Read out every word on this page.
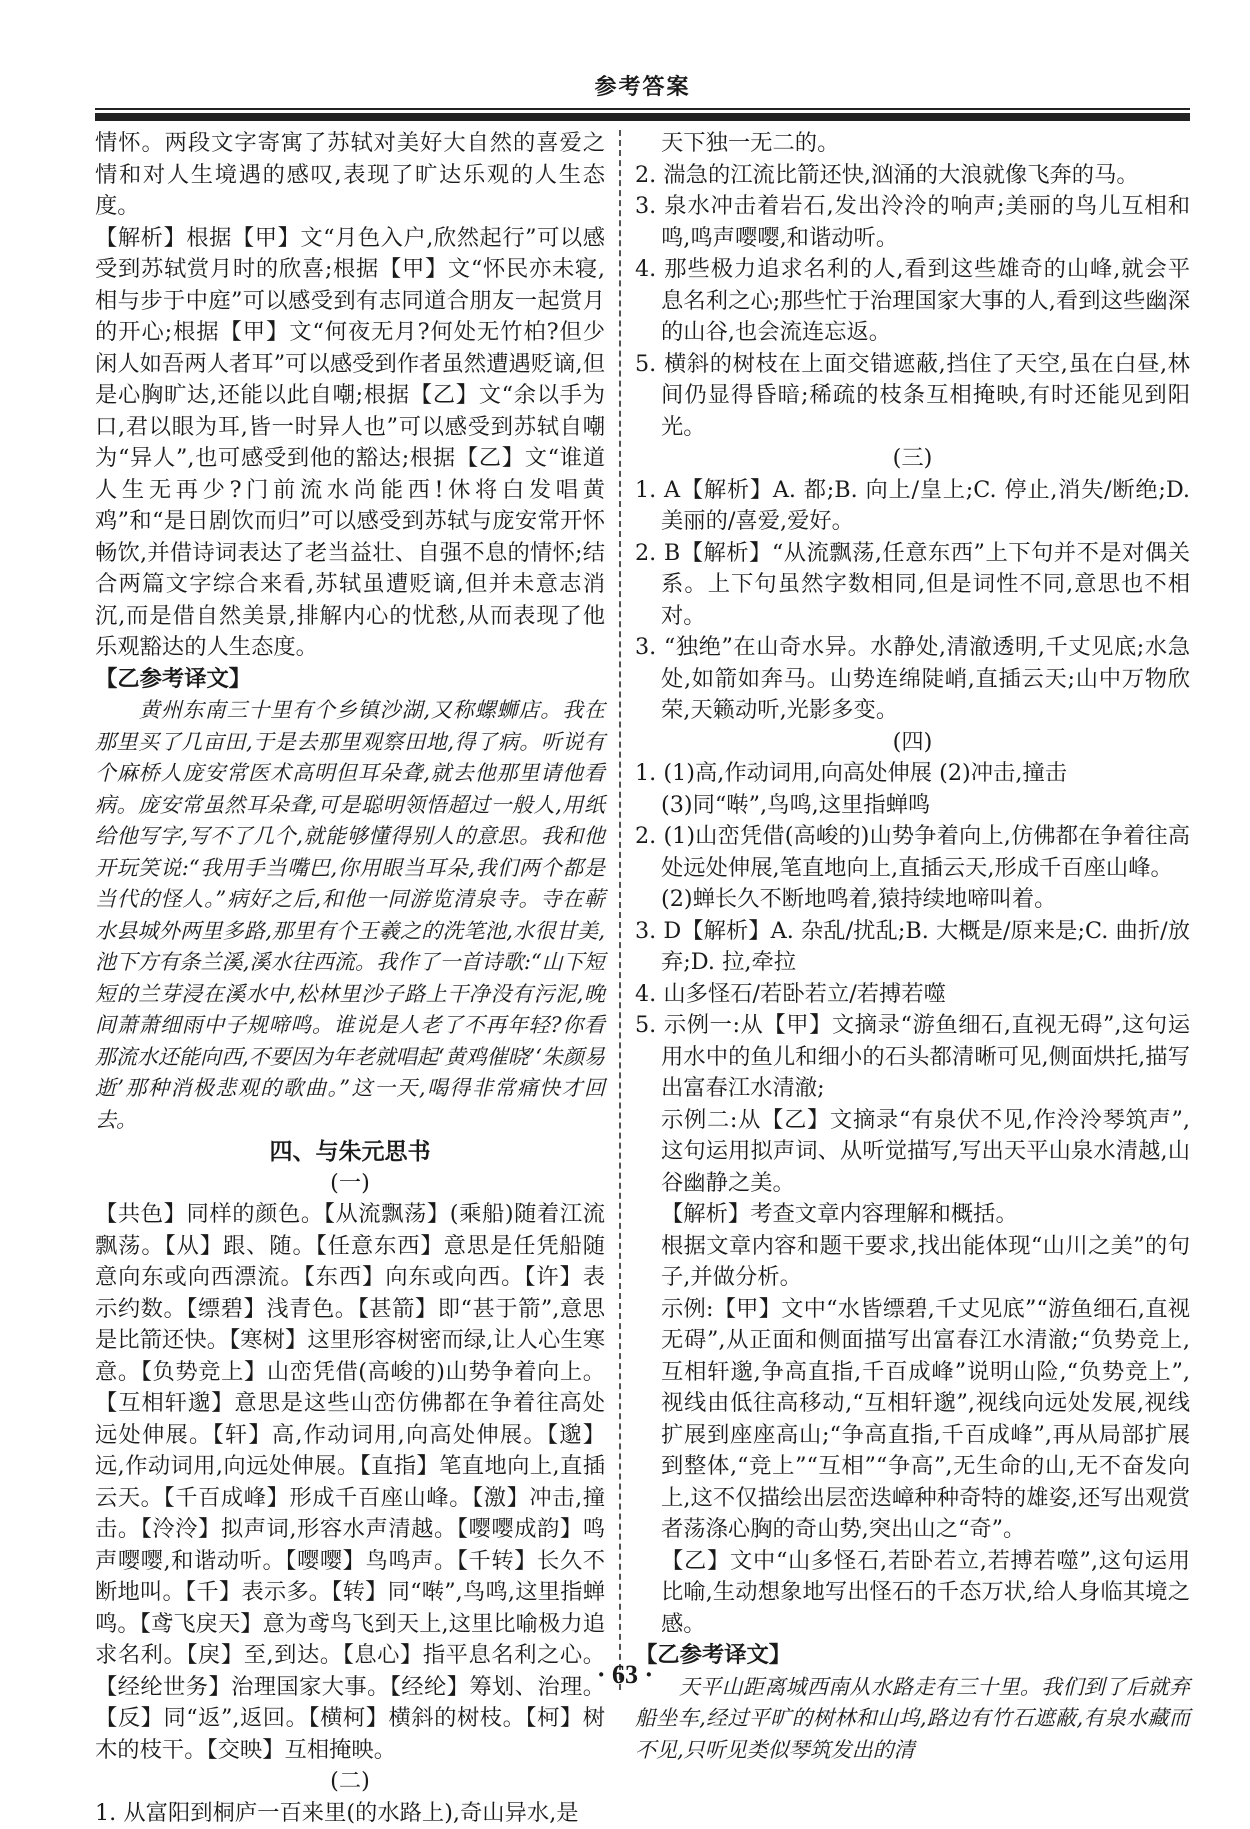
参考答案

情怀。两段文字寄寓了苏轼对美好大自然的喜爱之情和对人生境遇的感叹,表现了旷达乐观的人生态度。

【解析】根据【甲】文“月色入户,欣然起行”可以感受到苏轼赏月时的欣喜;根据【甲】文“怀民亦未寝,相与步于中庭”可以感受到有志同道合朋友一起赏月的开心;根据【甲】文“何夜无月?何处无竹柏?但少闲人如吾两人者耳”可以感受到作者虽然遭遇贬谪,但是心胸旷达,还能以此自嘲;根据【乙】文“余以手为口,君以眼为耳,皆一时异人也”可以感受到苏轼自嘲为“异人”,也可感受到他的豁达;根据【乙】文“谁道人生无再少?门前流水尚能西!休将白发唱黄鸡”和“是日剧饮而归”可以感受到苏轼与庞安常开怀畅饮,并借诗词表达了老当益壮、自强不息的情怀;结合两篇文字综合来看,苏轼虽遭贬谪,但并未意志消沉,而是借自然美景,排解内心的忧愁,从而表现了他乐观豁达的人生态度。

【乙参考译文】

黄州东南三十里有个乡镇沙湖,又称螺蛳店。我在那里买了几亩田,于是去那里观察田地,得了病。听说有个麻桥人庞安常医术高明但耳朵聋,就去他那里请他看病。庞安常虽然耳朵聋,可是聪明领悟超过一般人,用纸给他写字,写不了几个,就能够懂得别人的意思。我和他开玩笑说:“我用手当嘴巴,你用眼当耳朵,我们两个都是当代的怪人。”病好之后,和他一同游览清泉寺。寺在蕲水县城外两里多路,那里有个王羲之的洗笔池,水很甘美,池下方有条兰溪,溪水往西流。我作了一首诗歌:“山下短短的兰芽浸在溪水中,松林里沙子路上干净没有污泥,晚间萧萧细雨中子规啼鸣。谁说是人老了不再年轻?你看那流水还能向西,不要因为年老就唱起‘黄鸡催晓’‘朱颜易逝’那种消极悲观的歌曲。”这一天,喝得非常痛快才回去。

四、与朱元思书

(一)

【共色】同样的颜色。【从流飘荡】(乘船)随着江流飘荡。【从】跟、随。【任意东西】意思是任凭船随意向东或向西漂流。【东西】向东或向西。【许】表示约数。【缥碧】浅青色。【甚箭】即“甚于箭”,意思是比箭还快。【寒树】这里形容树密而绿,让人心生寒意。【负势竞上】山峦凭借(高峻的)山势争着向上。【互相轩邈】意思是这些山峦仿佛都在争着往高处远处伸展。【轩】高,作动词用,向高处伸展。【邈】远,作动词用,向远处伸展。【直指】笔直地向上,直插云天。【千百成峰】形成千百座山峰。【激】冲击,撞击。【泠泠】拟声词,形容水声清越。【嘤嘤成韵】鸣声嘤嘤,和谐动听。【嘤嘤】鸟鸣声。【千转】长久不断地叫。【千】表示多。【转】同“啭”,鸟鸣,这里指蝉鸣。【鸢飞戾天】意为鸢鸟飞到天上,这里比喻极力追求名利。【戾】至,到达。【息心】指平息名利之心。【经纶世务】治理国家大事。【经纶】筹划、治理。【反】同“返”,返回。【横柯】横斜的树枝。【柯】树木的枝干。【交映】互相掩映。

(二)

1. 从富阳到桐庐一百来里(的水路上),奇山异水,是

天下独一无二的。

2. 湍急的江流比箭还快,汹涌的大浪就像飞奔的马。

3. 泉水冲击着岩石,发出泠泠的响声;美丽的鸟儿互相和鸣,鸣声嘤嘤,和谐动听。

4. 那些极力追求名利的人,看到这些雄奇的山峰,就会平息名利之心;那些忙于治理国家大事的人,看到这些幽深的山谷,也会流连忘返。

5. 横斜的树枝在上面交错遮蔽,挡住了天空,虽在白昼,林间仍显得昏暗;稀疏的枝条互相掩映,有时还能见到阳光。

(三)

1. A【解析】A. 都;B. 向上/皇上;C. 停止,消失/断绝;D. 美丽的/喜爱,爱好。

2. B【解析】“从流飘荡,任意东西”上下句并不是对偶关系。上下句虽然字数相同,但是词性不同,意思也不相对。

3. “独绝”在山奇水异。水静处,清澈透明,千丈见底;水急处,如箭如奔马。山势连绵陡峭,直插云天;山中万物欣荣,天籁动听,光影多变。

(四)

1. (1)高,作动词用,向高处伸展 (2)冲击,撞击

(3)同“啭”,鸟鸣,这里指蝉鸣

2. (1)山峦凭借(高峻的)山势争着向上,仿佛都在争着往高处远处伸展,笔直地向上,直插云天,形成千百座山峰。

(2)蝉长久不断地鸣着,猿持续地啼叫着。

3. D【解析】A. 杂乱/扰乱;B. 大概是/原来是;C. 曲折/放弃;D. 拉,牵拉

4. 山多怪石/若卧若立/若搏若噬

5. 示例一:从【甲】文摘录“游鱼细石,直视无碍”,这句运用水中的鱼儿和细小的石头都清晰可见,侧面烘托,描写出富春江水清澈;

示例二:从【乙】文摘录“有泉伏不见,作泠泠琴筑声”,这句运用拟声词、从听觉描写,写出天平山泉水清越,山谷幽静之美。

【解析】考查文章内容理解和概括。

根据文章内容和题干要求,找出能体现“山川之美”的句子,并做分析。

示例:【甲】文中“水皆缥碧,千丈见底”“游鱼细石,直视无碍”,从正面和侧面描写出富春江水清澈;“负势竞上,互相轩邈,争高直指,千百成峰”说明山险,“负势竞上”,视线由低往高移动,“互相轩邈”,视线向远处发展,视线扩展到座座高山;“争高直指,千百成峰”,再从局部扩展到整体,“竞上”“互相”“争高”,无生命的山,无不奋发向上,这不仅描绘出层峦迭嶂种种奇特的雄姿,还写出观赏者荡涤心胸的奇山势,突出山之“奇”。

【乙】文中“山多怪石,若卧若立,若搏若噬”,这句运用比喻,生动想象地写出怪石的千态万状,给人身临其境之感。

【乙参考译文】

天平山距离城西南从水路走有三十里。我们到了后就弃船坐车,经过平旷的树林和山坞,路边有竹石遮蔽,有泉水藏而不见,只听见类似琴筑发出的清

· 63 ·
